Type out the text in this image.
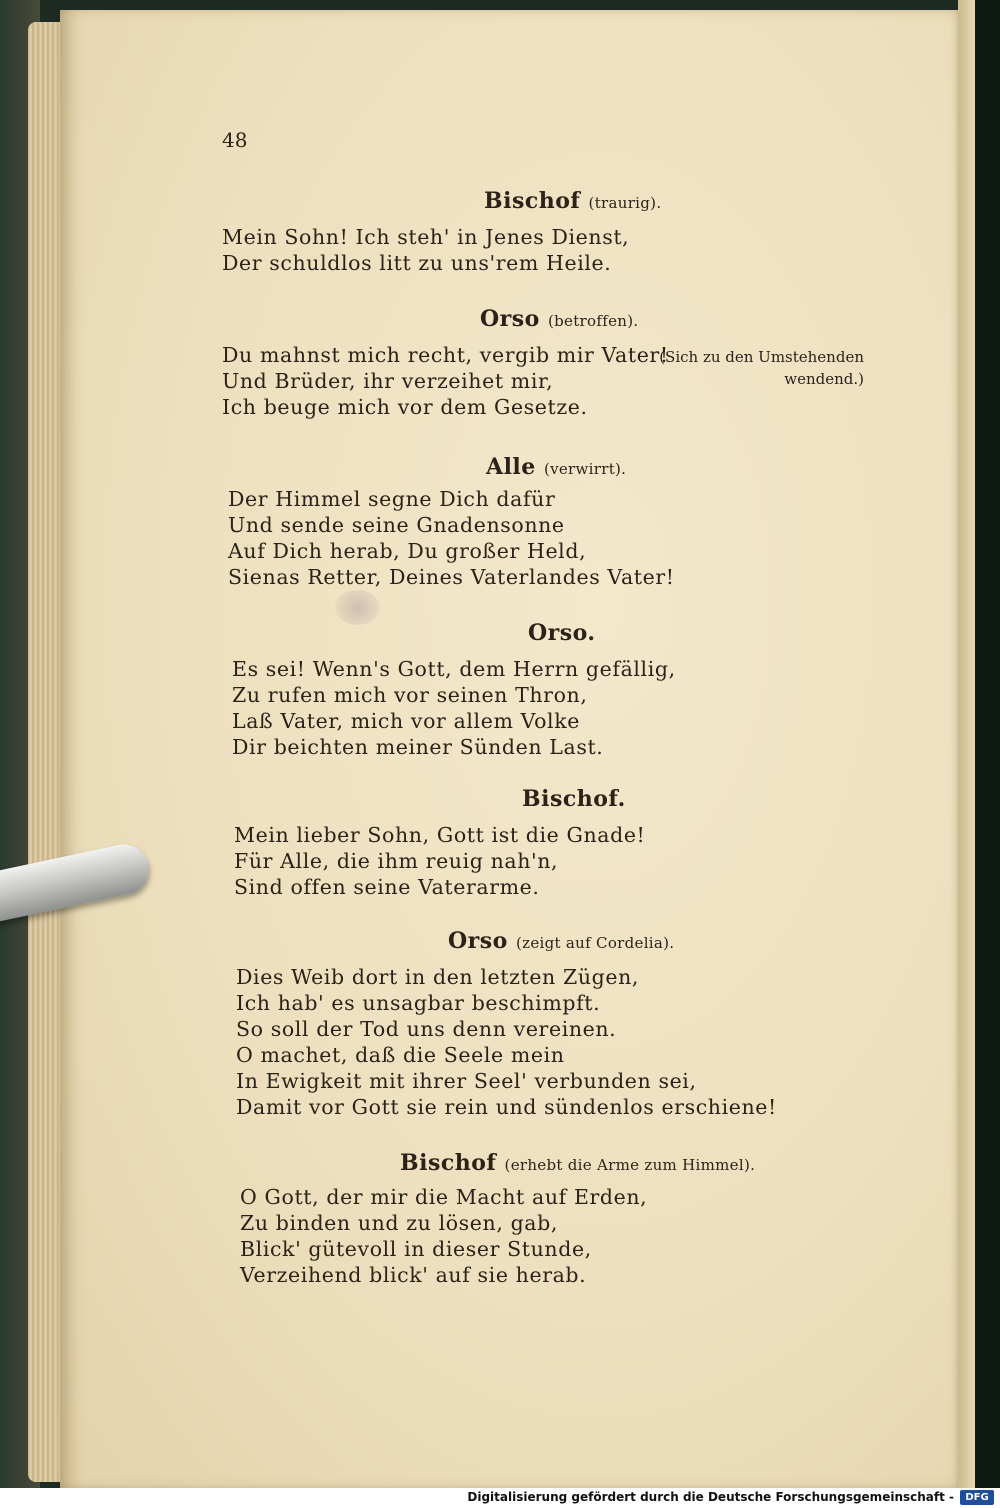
48
Bischof (traurig).
Mein Sohn! Ich steh' in Jenes Dienst,
Der schuldlos litt zu uns'rem Heile.
Orso (betroffen).
Du mahnst mich recht, vergib mir Vater!
Und Brüder, ihr verzeihet mir,
Ich beuge mich vor dem Gesetze.
(Sich zu den Umstehenden
wendend.)
Alle (verwirrt).
Der Himmel segne Dich dafür
Und sende seine Gnadensonne
Auf Dich herab, Du großer Held,
Sienas Retter, Deines Vaterlandes Vater!
Orso.
Es sei! Wenn's Gott, dem Herrn gefällig,
Zu rufen mich vor seinen Thron,
Laß Vater, mich vor allem Volke
Dir beichten meiner Sünden Last.
Bischof.
Mein lieber Sohn, Gott ist die Gnade!
Für Alle, die ihm reuig nah'n,
Sind offen seine Vaterarme.
Orso (zeigt auf Cordelia).
Dies Weib dort in den letzten Zügen,
Ich hab' es unsagbar beschimpft.
So soll der Tod uns denn vereinen.
O machet, daß die Seele mein
In Ewigkeit mit ihrer Seel' verbunden sei,
Damit vor Gott sie rein und sündenlos erschiene!
Bischof (erhebt die Arme zum Himmel).
O Gott, der mir die Macht auf Erden,
Zu binden und zu lösen, gab,
Blick' gütevoll in dieser Stunde,
Verzeihend blick' auf sie herab.
Digitalisierung gefördert durch die Deutsche Forschungsgemeinschaft -	DFG
